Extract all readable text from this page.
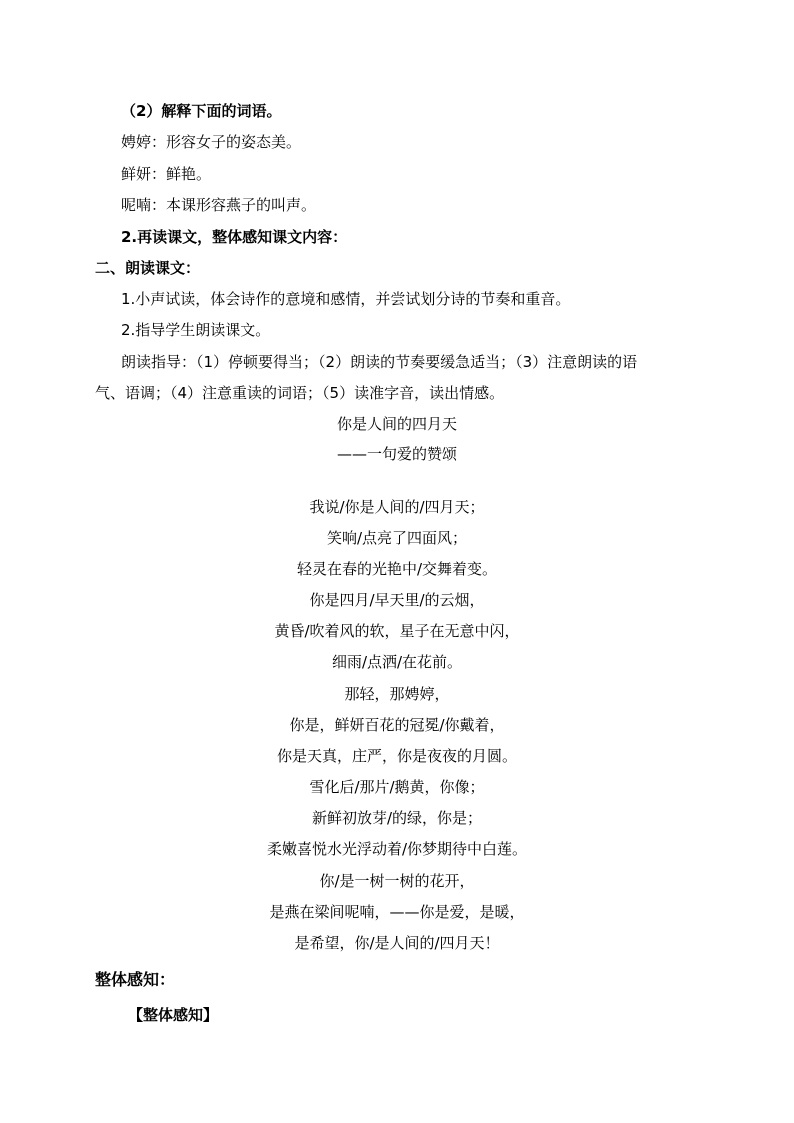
（2）解释下面的词语。
娉婷：形容女子的姿态美。
鲜妍：鲜艳。
呢喃：本课形容燕子的叫声。
2.再读课文，整体感知课文内容：
二、朗读课文：
1.小声试读，体会诗作的意境和感情，并尝试划分诗的节奏和重音。
2.指导学生朗读课文。
朗读指导：（1）停顿要得当；（2）朗读的节奏要缓急适当；（3）注意朗读的语
气、语调；（4）注意重读的词语；（5）读准字音，读出情感。
你是人间的四月天
——一句爱的赞颂
我说/你是人间的/四月天；
笑响/点亮了四面风；
轻灵在春的光艳中/交舞着变。
你是四月/早天里/的云烟，
黄昏/吹着风的软，星子在无意中闪，
细雨/点洒/在花前。
那轻，那娉婷，
你是，鲜妍百花的冠冕/你戴着，
你是天真，庄严，你是夜夜的月圆。
雪化后/那片/鹅黄，你像；
新鲜初放芽/的绿，你是；
柔嫩喜悦水光浮动着/你梦期待中白莲。
你/是一树一树的花开，
是燕在梁间呢喃，——你是爱，是暖，
是希望，你/是人间的/四月天！
整体感知：
【整体感知】
